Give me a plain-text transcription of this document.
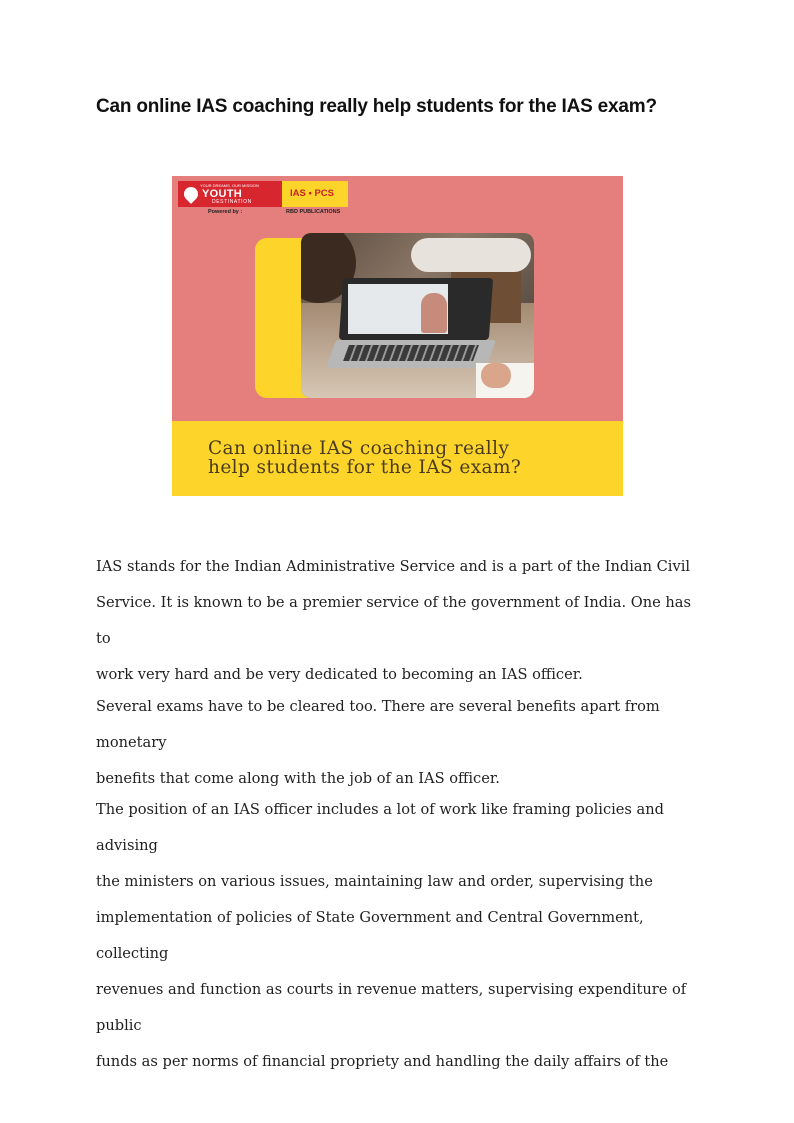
Can online IAS coaching really help students for the IAS exam?
YOUR DREAMS, OUR MISSION
YOUTH
DESTINATION
IAS • PCS
Powered by :	RBD PUBLICATIONS
Can online IAS coaching really
help students for the IAS exam?
IAS stands for the Indian Administrative Service and is a part of the Indian Civil
Service. It is known to be a premier service of the government of India. One has to
work very hard and be very dedicated to becoming an IAS officer.
Several exams have to be cleared too. There are several benefits apart from monetary
benefits that come along with the job of an IAS officer.
The position of an IAS officer includes a lot of work like framing policies and advising
the ministers on various issues, maintaining law and order, supervising the
implementation of policies of State Government and Central Government, collecting
revenues and function as courts in revenue matters, supervising expenditure of public
funds as per norms of financial propriety and handling the daily affairs of the
